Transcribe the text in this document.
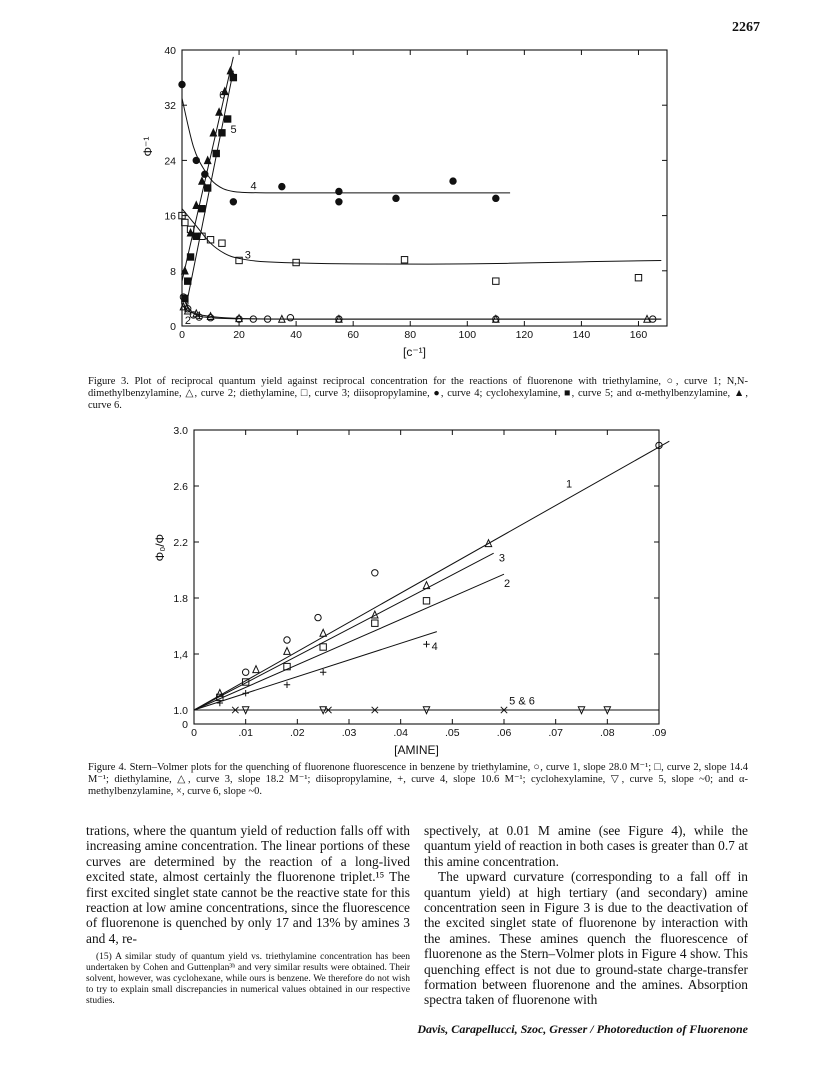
2267
0	20	40	60	80	100	120	140	160
0
8
16
24
32
40
[c⁻¹]
Φ⁻¹
1
2
3
4
5
6
Figure 3. Plot of reciprocal quantum yield against reciprocal concentration for the reactions of fluorenone with triethylamine, ○, curve 1; N,N-dimethylbenzylamine, △, curve 2; diethylamine, □, curve 3; diisopropylamine, ●, curve 4; cyclohexylamine, ■, curve 5; and α-methylbenzylamine, ▲, curve 6.
0	.01	.02	.03	.04	.05	.06	.07	.08	.09
1.0
1,4
1.8
2.2
2.6
3.0
0
[AMINE]
Φ₀/Φ
1
2
3
4
5 & 6
Figure 4. Stern–Volmer plots for the quenching of fluorenone fluorescence in benzene by triethylamine, ○, curve 1, slope 28.0 M⁻¹; □, curve 2, slope 14.4 M⁻¹; diethylamine, △, curve 3, slope 18.2 M⁻¹; diisopropylamine, +, curve 4, slope 10.6 M⁻¹; cyclohexylamine, ▽, curve 5, slope ~0; and α-methylbenzylamine, ×, curve 6, slope ~0.

trations, where the quantum yield of reduction falls off with increasing amine concentration. The linear portions of these curves are determined by the reaction of a long-lived excited state, almost certainly the fluorenone triplet.¹⁵ The first excited singlet state cannot be the reactive state for this reaction at low amine concentrations, since the fluorescence of fluorenone is quenched by only 17 and 13% by amines 3 and 4, re-

(15) A similar study of quantum yield vs. triethylamine concentration has been undertaken by Cohen and Guttenplan³ᵇ and very similar results were obtained. Their solvent, however, was cyclohexane, while ours is benzene. We therefore do not wish to try to explain small discrepancies in numerical values obtained in our respective studies.

spectively, at 0.01 M amine (see Figure 4), while the quantum yield of reaction in both cases is greater than 0.7 at this amine concentration.

The upward curvature (corresponding to a fall off in quantum yield) at high tertiary (and secondary) amine concentration seen in Figure 3 is due to the deactivation of the excited singlet state of fluorenone by interaction with the amines. These amines quench the fluorescence of fluorenone as the Stern–Volmer plots in Figure 4 show. This quenching effect is not due to ground-state charge-transfer formation between fluorenone and the amines. Absorption spectra taken of fluorenone with

Davis, Carapellucci, Szoc, Gresser / Photoreduction of Fluorenone
